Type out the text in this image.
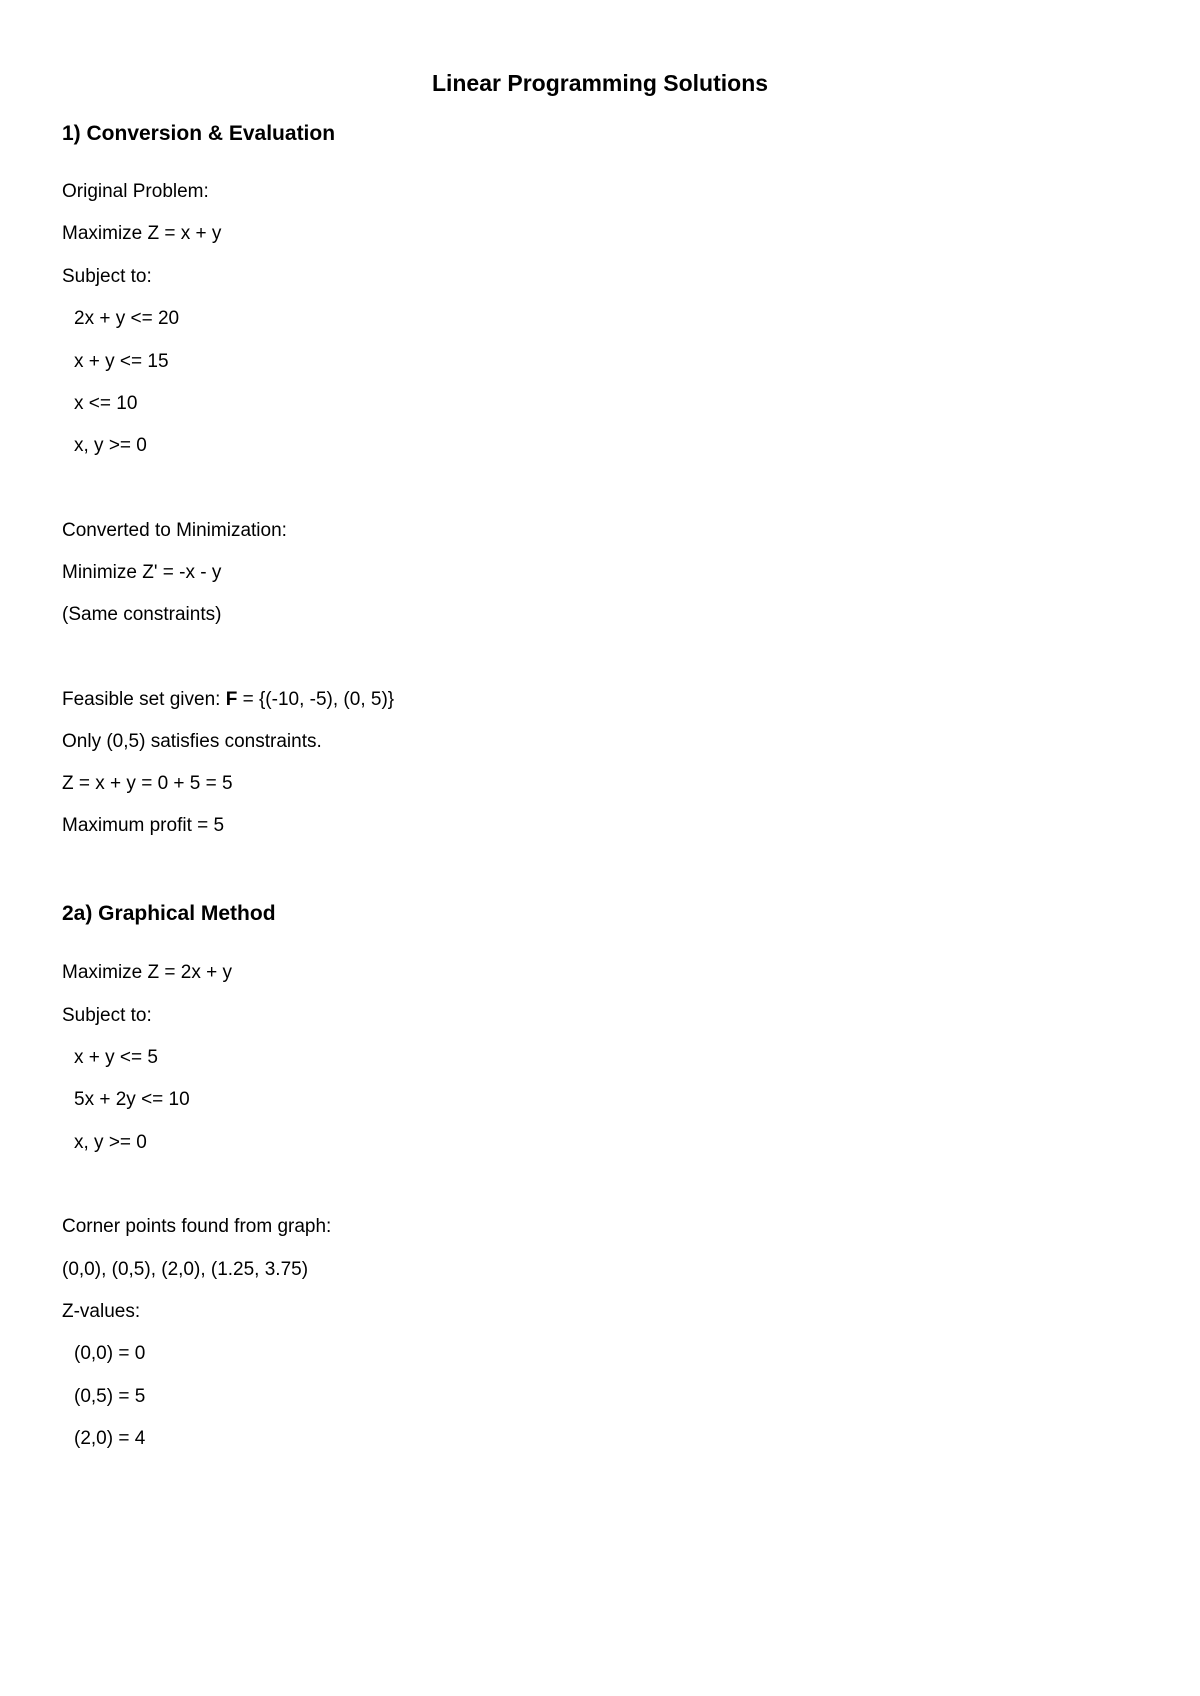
Linear Programming Solutions
1) Conversion & Evaluation
Original Problem:
Maximize Z = x + y
Subject to:
2x + y <= 20
x + y <= 15
x <= 10
x, y >= 0
Converted to Minimization:
Minimize Z' = -x - y
(Same constraints)
Feasible set given: F = {(-10, -5), (0, 5)}
Only (0,5) satisfies constraints.
Z = x + y = 0 + 5 = 5
Maximum profit = 5
2a) Graphical Method
Maximize Z = 2x + y
Subject to:
x + y <= 5
5x + 2y <= 10
x, y >= 0
Corner points found from graph:
(0,0), (0,5), (2,0), (1.25, 3.75)
Z-values:
(0,0) = 0
(0,5) = 5
(2,0) = 4
